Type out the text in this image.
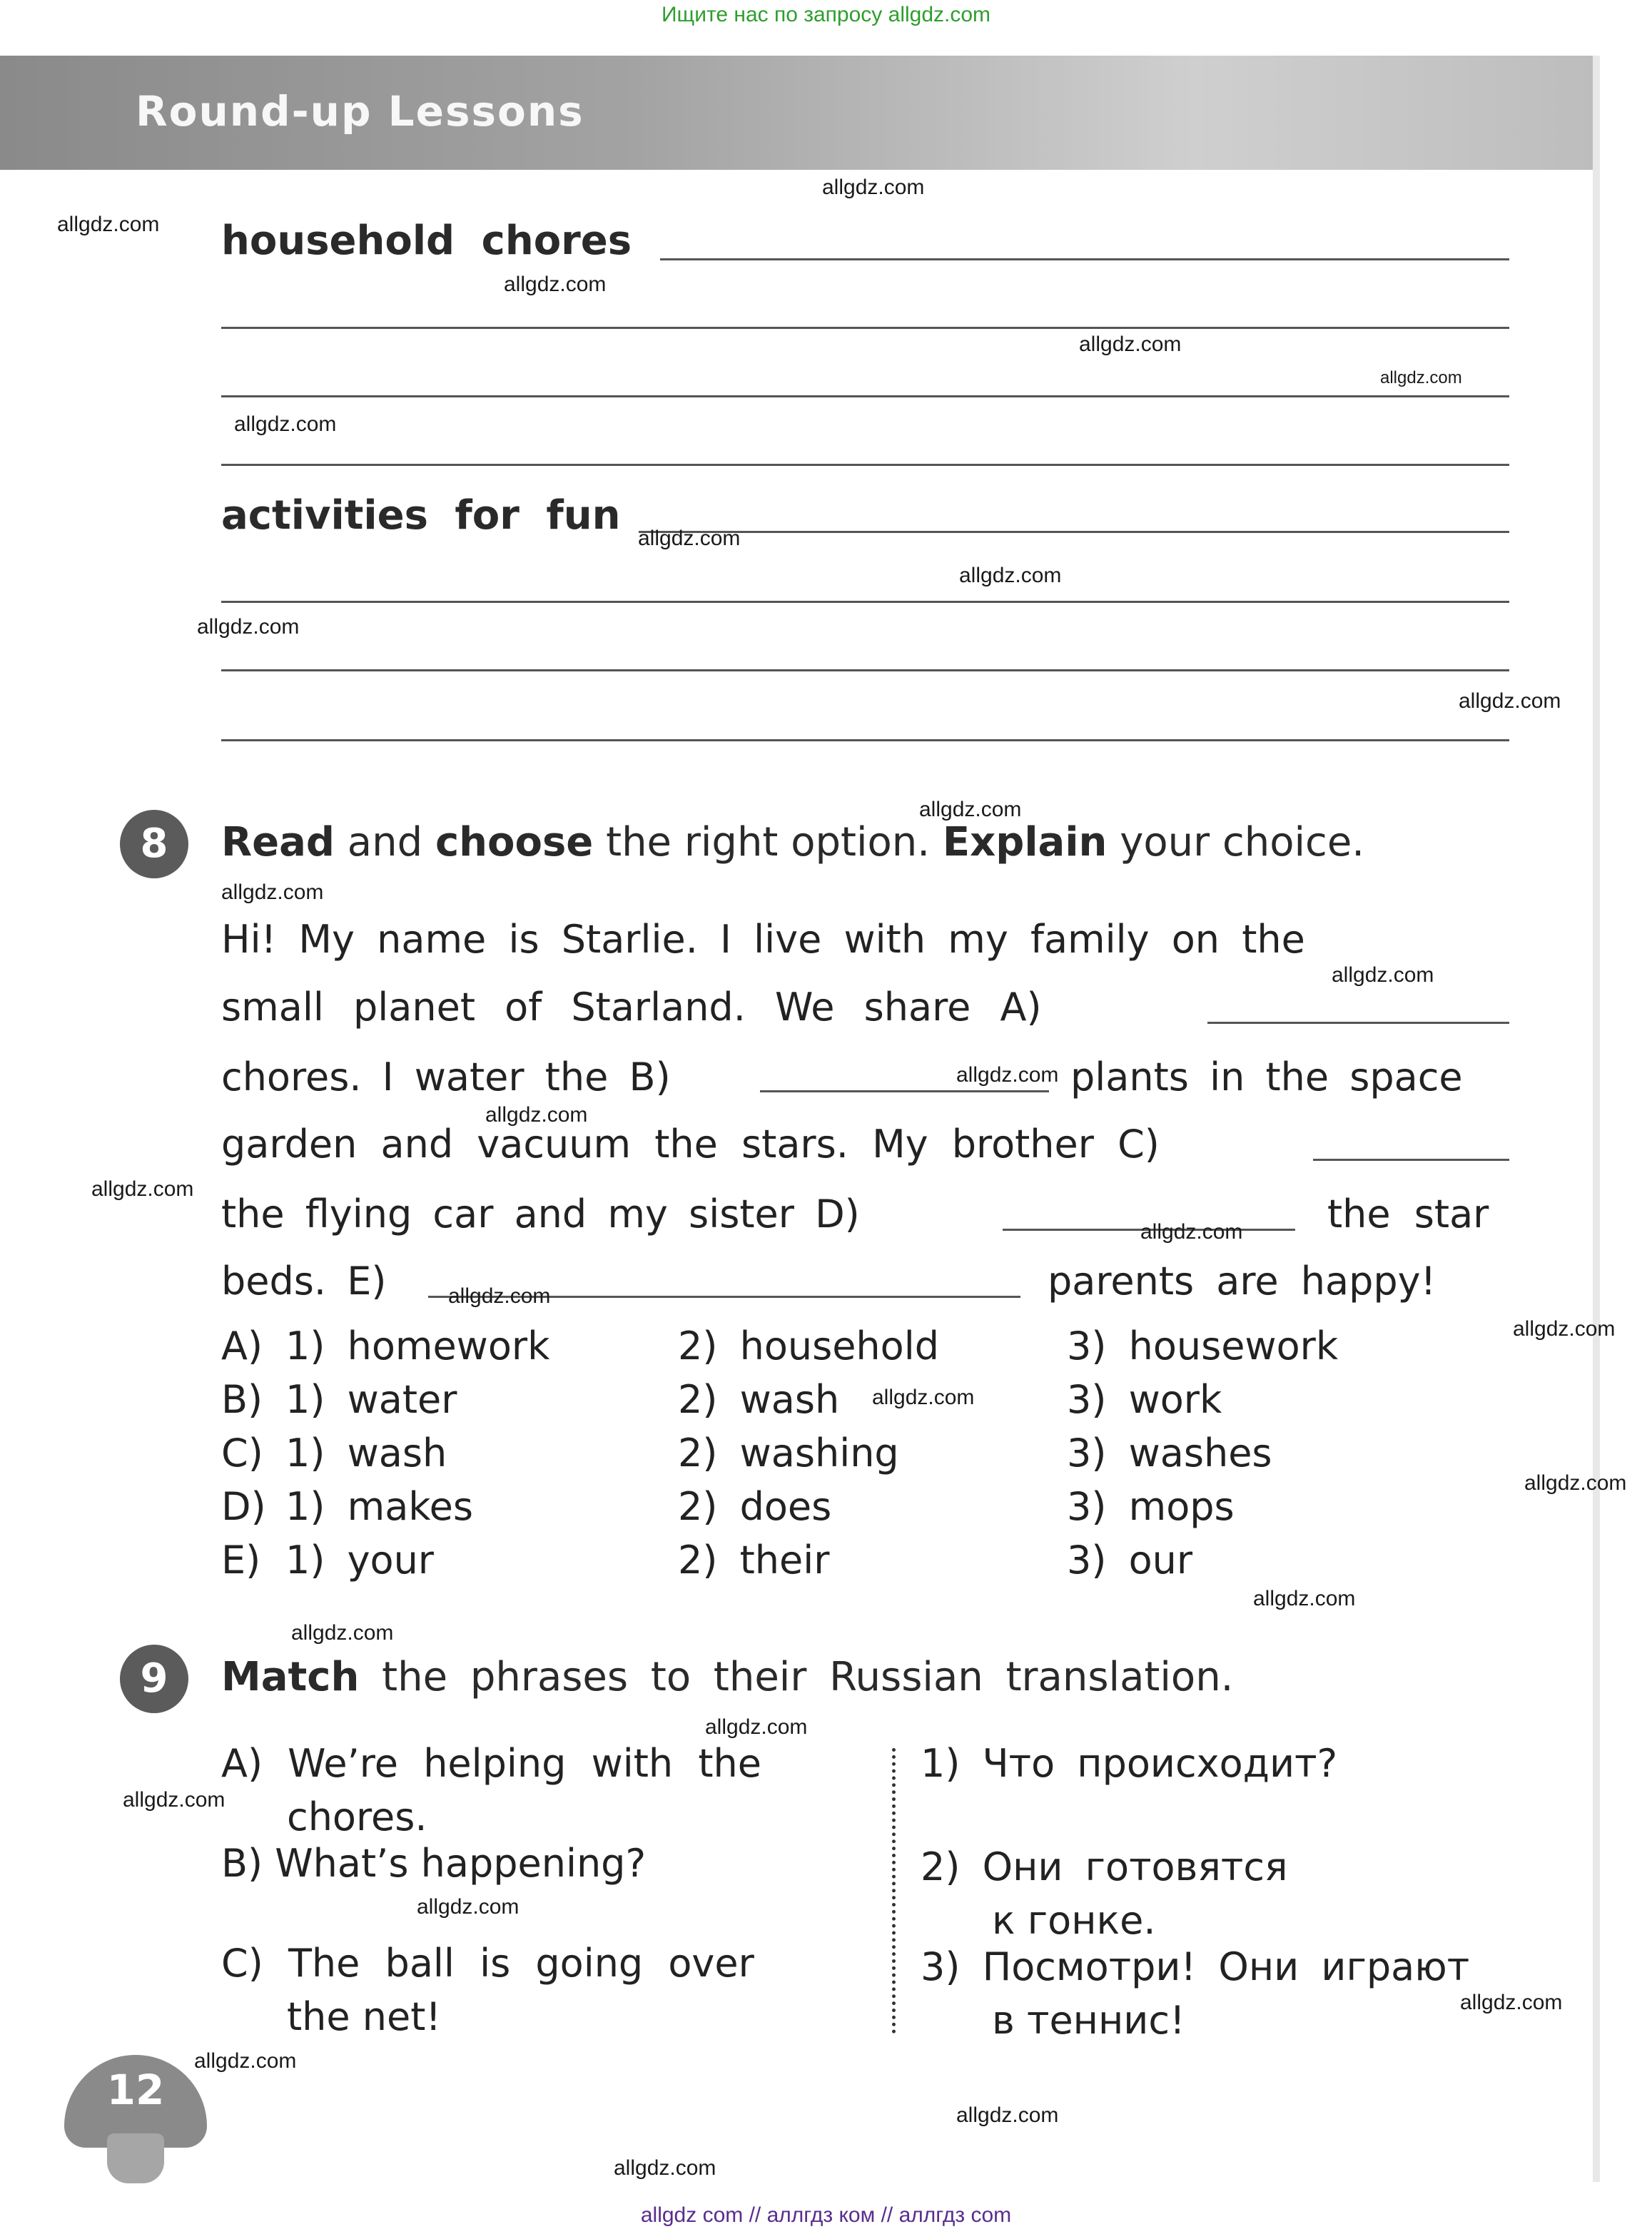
Ищите нас по запросу allgdz.com
Round-up Lessons
household chores
activities for fun
8	Read and choose the right option. Explain your choice.
Hi! My name is Starlie. I live with my family on the
small planet of Starland. We share A)
chores. I water the B)	plants in the space
garden and vacuum the stars. My brother C)
the flying car and my sister D)	the star
beds. E)	parents are happy!
A) 1) homework	2) household	3) housework
B) 1) water	2) wash	3) work
C) 1) wash	2) washing	3) washes
D) 1) makes	2) does	3) mops
E) 1) your	2) their	3) our
9	Match the phrases to their Russian translation.
A) We’re helping with the
chores.
B) What’s happening?
C) The ball is going over
the net!
1) Что происходит?
2) Они готовятся
к гонке.
3) Посмотри! Они играют
в теннис!
12
allgdz.com
allgdz.com
allgdz.com
allgdz.com
allgdz.com
allgdz.com
allgdz.com
allgdz.com
allgdz.com
allgdz.com
allgdz.com
allgdz.com
allgdz.com
allgdz.com
allgdz.com
allgdz.com
allgdz.com
allgdz.com
allgdz.com
allgdz.com
allgdz.com
allgdz.com
allgdz.com
allgdz.com
allgdz.com
allgdz.com
allgdz.com
allgdz.com
allgdz.com
allgdz.com
allgdz com // аллгдз ком // аллгдз com
